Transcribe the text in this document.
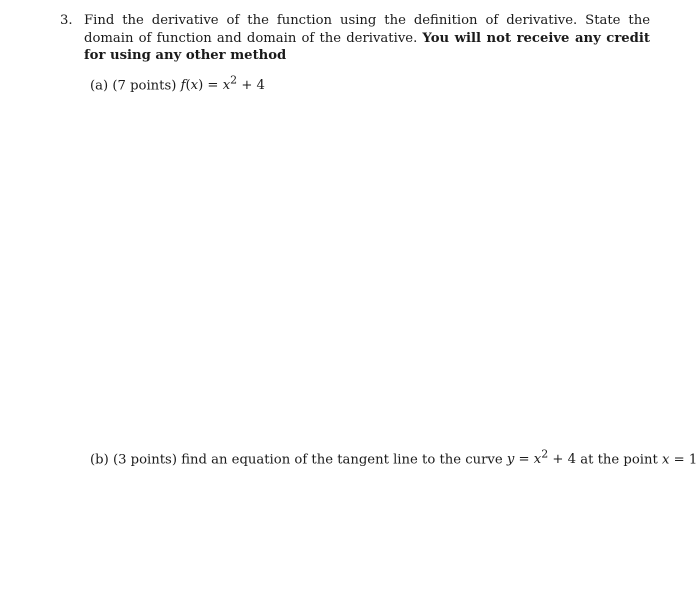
3. Find the derivative of the function using the definition of derivative. State the domain of function and domain of the derivative. You will not receive any credit for using any other method
(a) (7 points) $f(x) = x^2 + 4$
(b) (3 points) find an equation of the tangent line to the curve $y = x^2 + 4$ at the point x = 1
